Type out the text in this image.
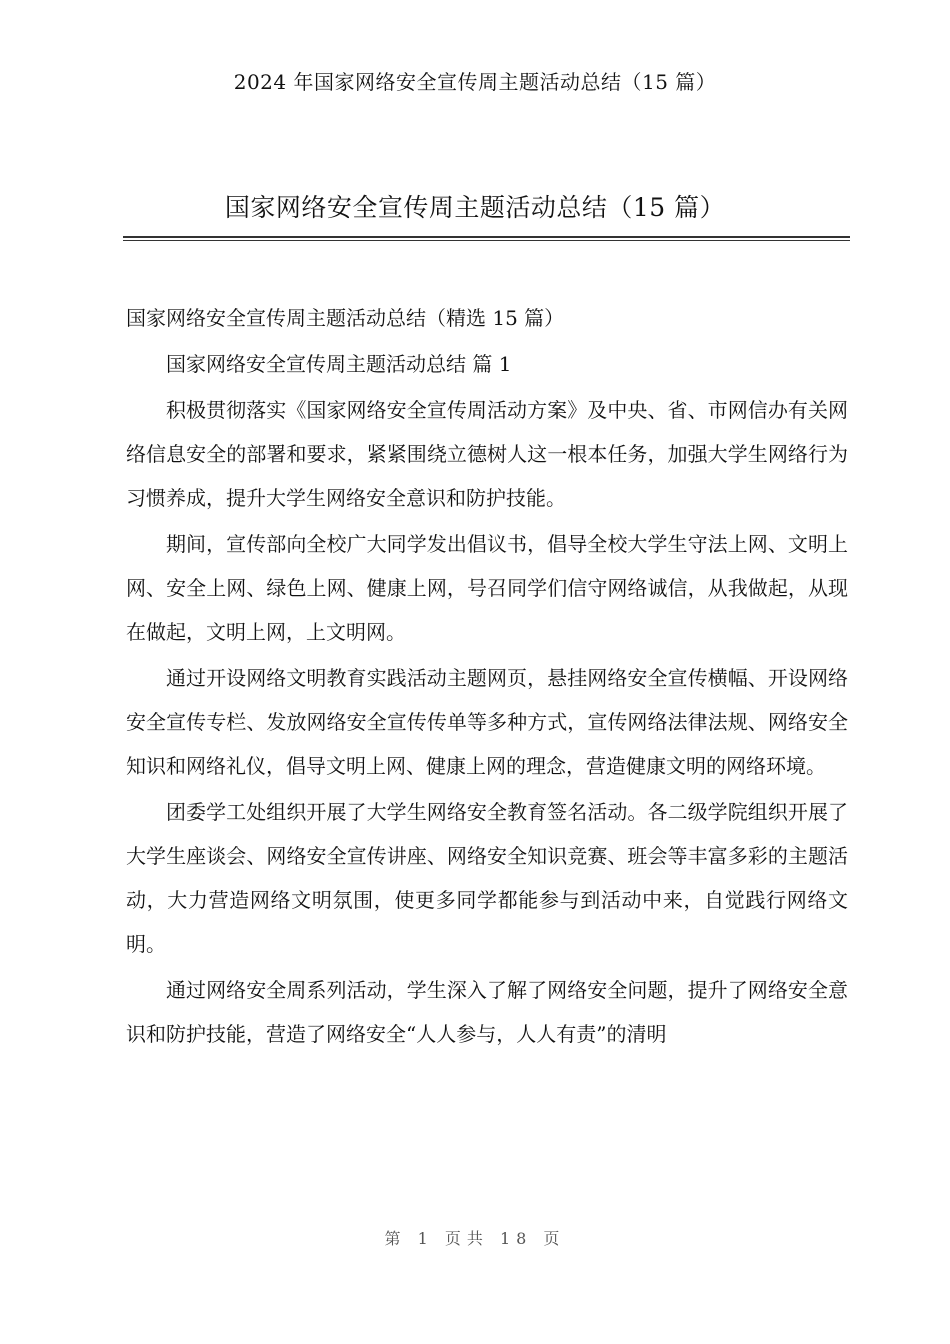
2024 年国家网络安全宣传周主题活动总结（15 篇）
国家网络安全宣传周主题活动总结（15 篇）

国家网络安全宣传周主题活动总结（精选 15 篇）

国家网络安全宣传周主题活动总结 篇 1

积极贯彻落实《国家网络安全宣传周活动方案》及中央、省、市网信办有关网络信息安全的部署和要求，紧紧围绕立德树人这一根本任务，加强大学生网络行为习惯养成，提升大学生网络安全意识和防护技能。

期间，宣传部向全校广大同学发出倡议书，倡导全校大学生守法上网、文明上网、安全上网、绿色上网、健康上网，号召同学们信守网络诚信，从我做起，从现在做起，文明上网，上文明网。

通过开设网络文明教育实践活动主题网页，悬挂网络安全宣传横幅、开设网络安全宣传专栏、发放网络安全宣传传单等多种方式，宣传网络法律法规、网络安全知识和网络礼仪，倡导文明上网、健康上网的理念，营造健康文明的网络环境。

团委学工处组织开展了大学生网络安全教育签名活动。各二级学院组织开展了大学生座谈会、网络安全宣传讲座、网络安全知识竞赛、班会等丰富多彩的主题活动，大力营造网络文明氛围，使更多同学都能参与到活动中来，自觉践行网络文明。

通过网络安全周系列活动，学生深入了解了网络安全问题，提升了网络安全意识和防护技能，营造了网络安全“人人参与，人人有责”的清明

第 1 页共 18 页
